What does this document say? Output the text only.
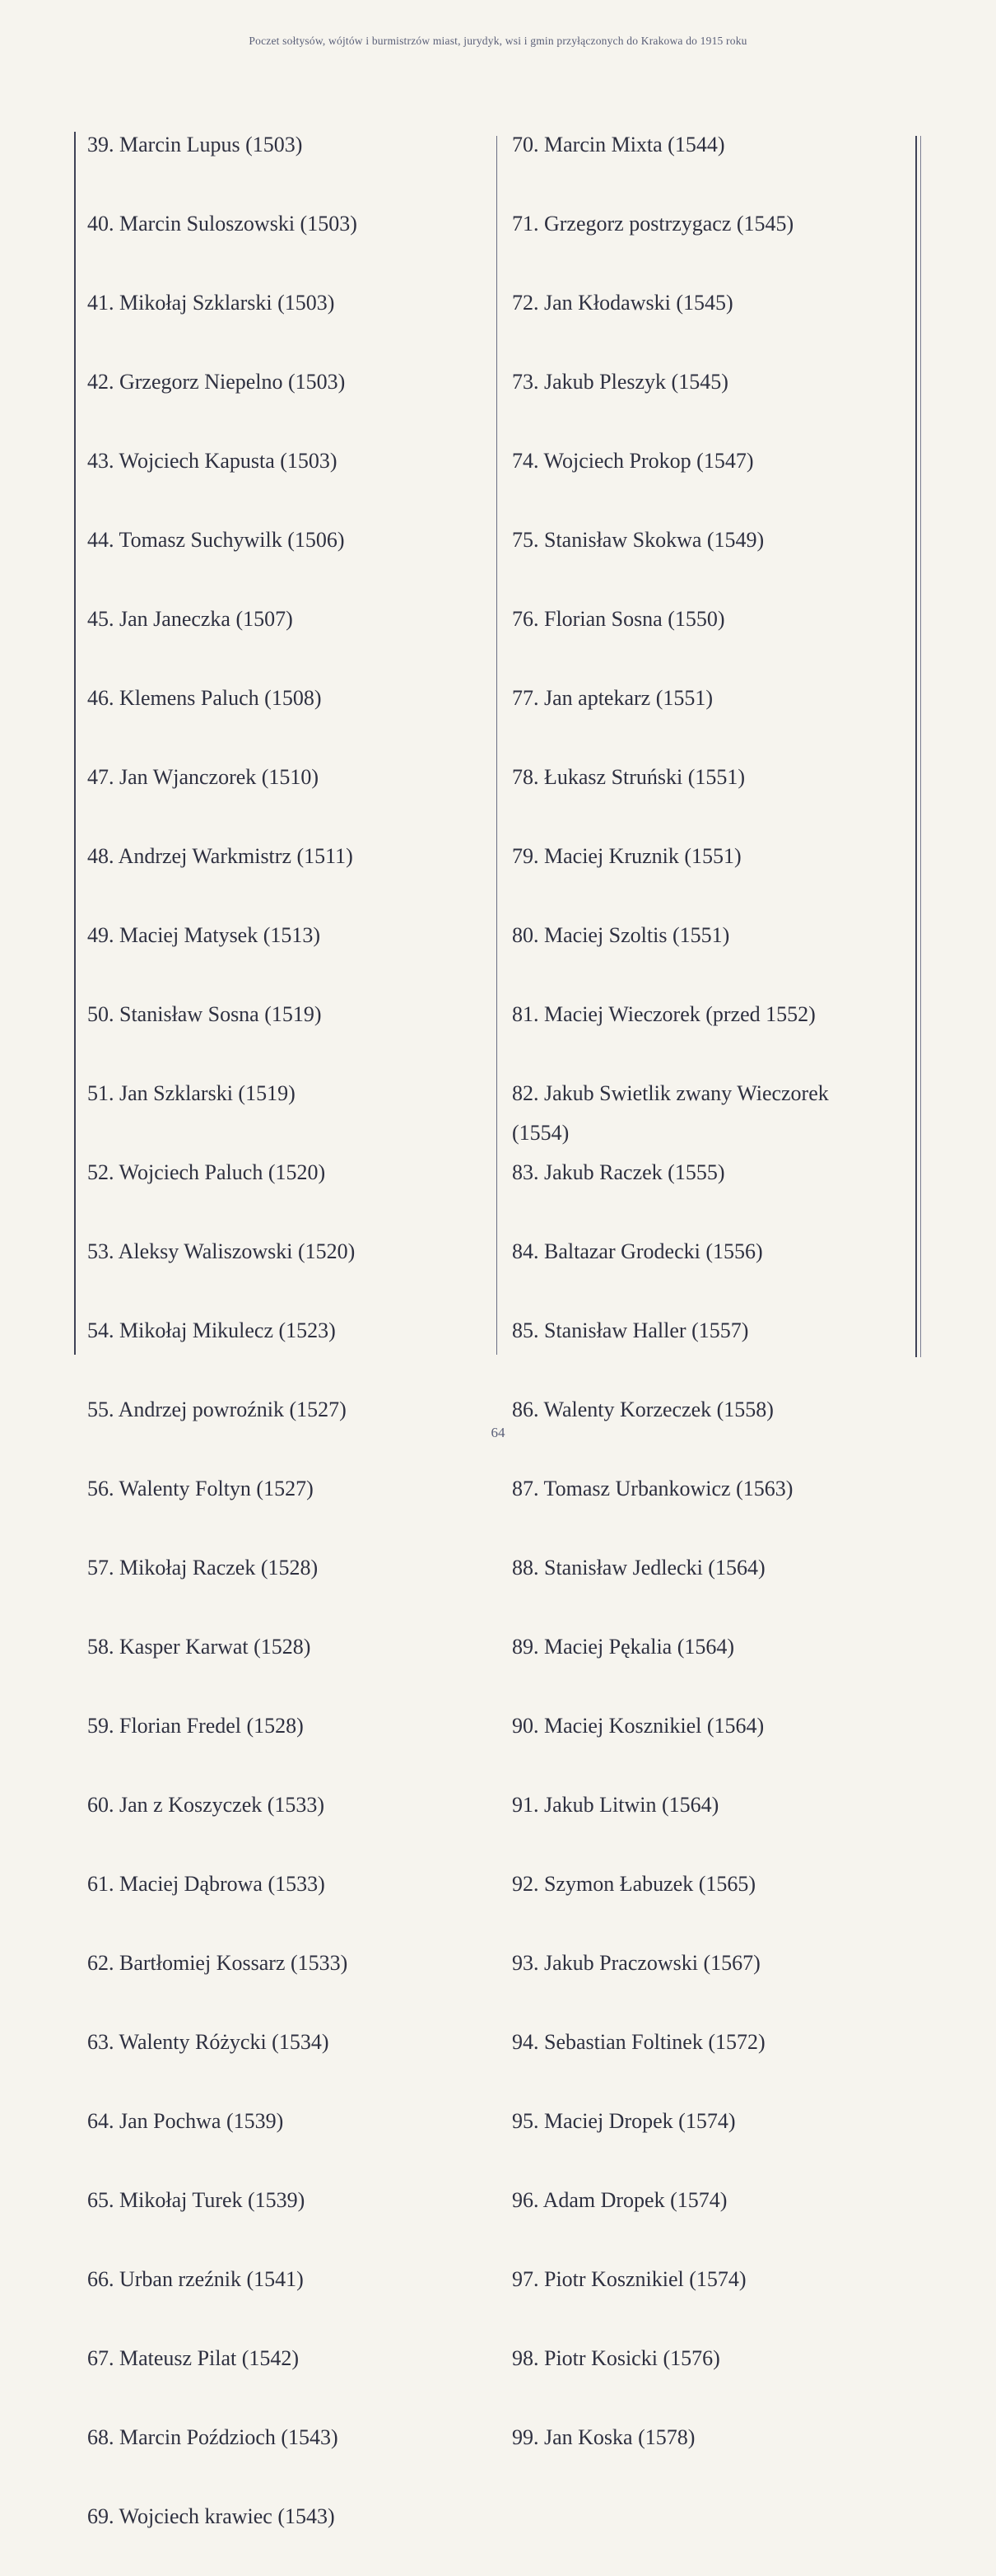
Poczet sołtysów, wójtów i burmistrzów miast, jurydyk, wsi i gmin przyłączonych do Krakowa do 1915 roku
39. Marcin Lupus (1503)
40. Marcin Suloszowski (1503)
41. Mikołaj Szklarski (1503)
42. Grzegorz Niepelno (1503)
43. Wojciech Kapusta (1503)
44. Tomasz Suchywilk (1506)
45. Jan Janeczka (1507)
46. Klemens Paluch (1508)
47. Jan Wjanczorek (1510)
48. Andrzej Warkmistrz (1511)
49. Maciej Matysek (1513)
50. Stanisław Sosna (1519)
51. Jan Szklarski (1519)
52. Wojciech Paluch (1520)
53. Aleksy Waliszowski (1520)
54. Mikołaj Mikulecz (1523)
55. Andrzej powroźnik (1527)
56. Walenty Foltyn (1527)
57. Mikołaj Raczek (1528)
58. Kasper Karwat (1528)
59. Florian Fredel (1528)
60. Jan z Koszyczek (1533)
61. Maciej Dąbrowa (1533)
62. Bartłomiej Kossarz (1533)
63. Walenty Różycki (1534)
64. Jan Pochwa (1539)
65. Mikołaj Turek (1539)
66. Urban rzeźnik (1541)
67. Mateusz Pilat (1542)
68. Marcin Poździoch (1543)
69. Wojciech krawiec (1543)
70. Marcin Mixta (1544)
71. Grzegorz postrzygacz (1545)
72. Jan Kłodawski (1545)
73. Jakub Pleszyk (1545)
74. Wojciech Prokop (1547)
75. Stanisław Skokwa (1549)
76. Florian Sosna (1550)
77. Jan aptekarz (1551)
78. Łukasz Struński (1551)
79. Maciej Kruznik (1551)
80. Maciej Szoltis (1551)
81. Maciej Wieczorek (przed 1552)
82. Jakub Swietlik zwany Wieczorek (1554)
83. Jakub Raczek (1555)
84. Baltazar Grodecki (1556)
85. Stanisław Haller (1557)
86. Walenty Korzeczek (1558)
87. Tomasz Urbankowicz (1563)
88. Stanisław Jedlecki (1564)
89. Maciej Pękalia (1564)
90. Maciej Kosznikiel (1564)
91. Jakub Litwin (1564)
92. Szymon Łabuzek (1565)
93. Jakub Praczowski (1567)
94. Sebastian Foltinek (1572)
95. Maciej Dropek (1574)
96. Adam Dropek (1574)
97. Piotr Kosznikiel (1574)
98. Piotr Kosicki (1576)
99. Jan Koska (1578)
64
